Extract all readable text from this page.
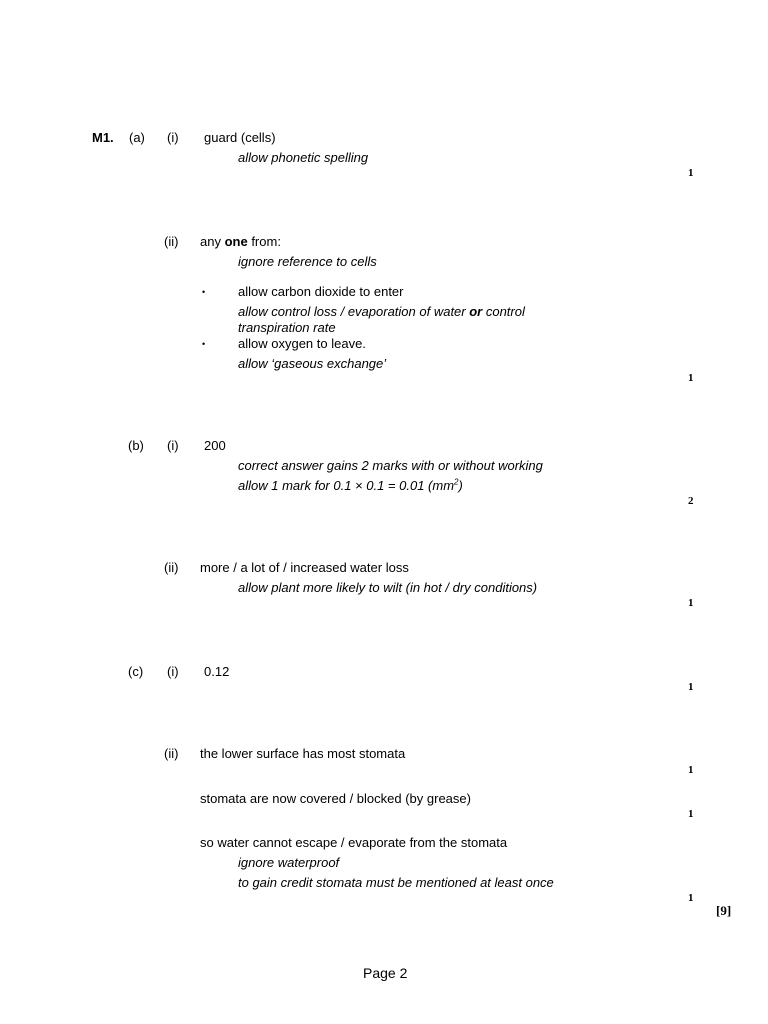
M1. (a) (i) guard (cells)
allow phonetic spelling
1
(ii) any one from:
ignore reference to cells
•	allow carbon dioxide to enter
allow control loss / evaporation of water or control
transpiration rate
•	allow oxygen to leave.
allow ‘gaseous exchange’
1
(b) (i) 200
correct answer gains 2 marks with or without working
allow 1 mark for 0.1 × 0.1 = 0.01 $(mm^2)$
2
(ii) more / a lot of / increased water loss
allow plant more likely to wilt (in hot / dry conditions)
1
(c) (i) 0.12
1
(ii) the lower surface has most stomata
1
stomata are now covered / blocked (by grease)
1
so water cannot escape / evaporate from the stomata
ignore waterproof
to gain credit stomata must be mentioned at least once
1
[9]
Page 2
